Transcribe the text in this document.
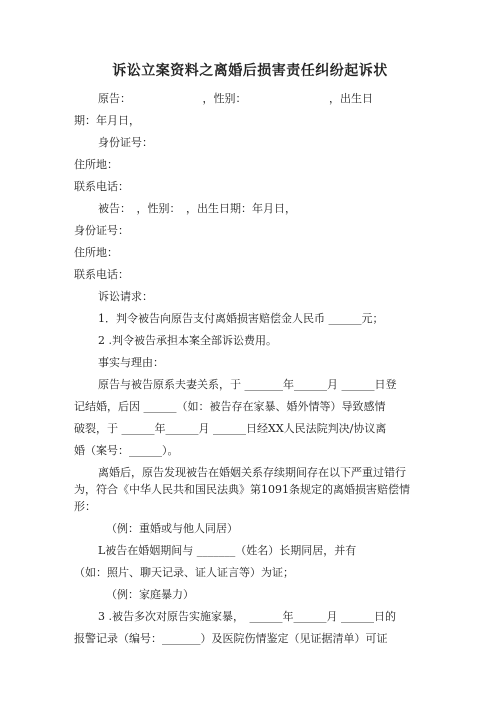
诉讼立案资料之离婚后损害责任纠纷起诉状
原告：　　　　　　　，性别：　　　　　　　　，出生日
期：年月日，
身份证号：
住所地：
联系电话：
被告：　，性别：　，出生日期：年月日，
身份证号：
住所地：
联系电话：
诉讼请求：
1．判令被告向原告支付离婚损害赔偿金人民币 ______元；
2 .判令被告承担本案全部诉讼费用。
事实与理由：
原告与被告原系夫妻关系，于 _______年______月 ______日登
记结婚，后因 ______（如：被告存在家暴、婚外情等）导致感情
破裂，于 ______年______月 ______日经XX人民法院判决/协议离
婚（案号：______）。
离婚后，原告发现被告在婚姻关系存续期间存在以下严重过错行
为，符合《中华人民共和国民法典》第1091条规定的离婚损害赔偿情
形：
（例：重婚或与他人同居）
L被告在婚姻期间与 _______（姓名）长期同居，并有
（如：照片、聊天记录、证人证言等）为证；
（例：家庭暴力）
3 .被告多次对原告实施家暴，　______年______月 ______日的
报警记录（编号：_______）及医院伤情鉴定（见证据清单）可证
